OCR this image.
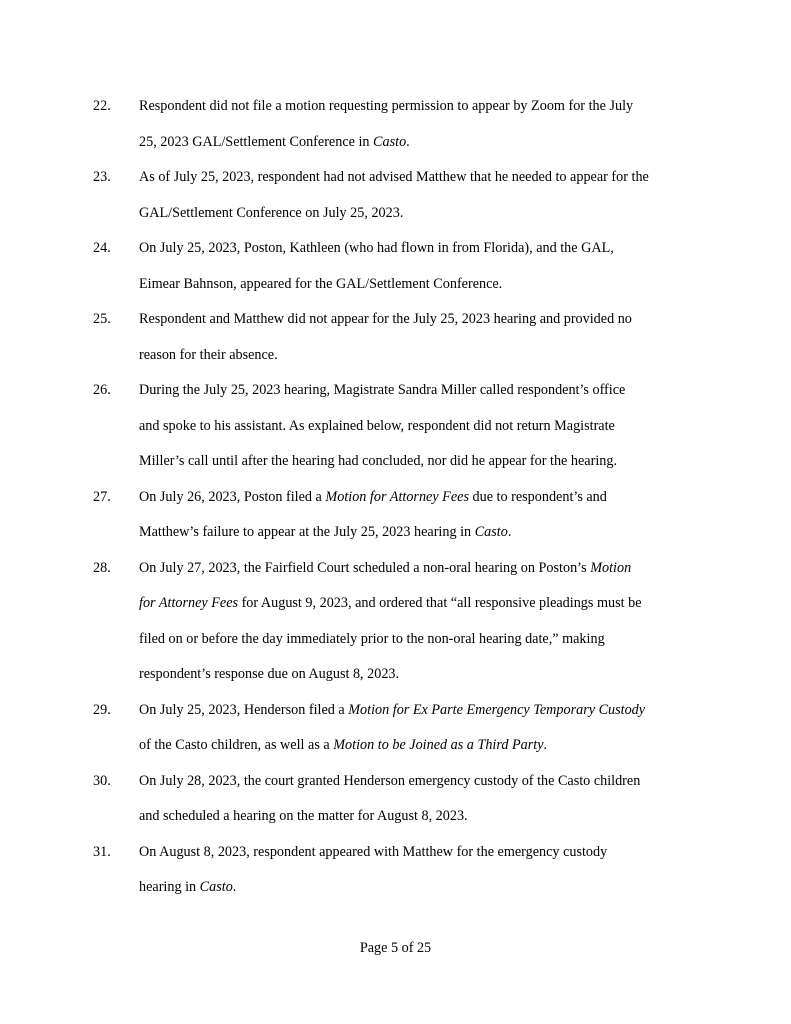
22. Respondent did not file a motion requesting permission to appear by Zoom for the July
25, 2023 GAL/Settlement Conference in Casto.
23. As of July 25, 2023, respondent had not advised Matthew that he needed to appear for the
GAL/Settlement Conference on July 25, 2023.
24. On July 25, 2023, Poston, Kathleen (who had flown in from Florida), and the GAL,
Eimear Bahnson, appeared for the GAL/Settlement Conference.
25. Respondent and Matthew did not appear for the July 25, 2023 hearing and provided no
reason for their absence.
26. During the July 25, 2023 hearing, Magistrate Sandra Miller called respondent’s office
and spoke to his assistant. As explained below, respondent did not return Magistrate
Miller’s call until after the hearing had concluded, nor did he appear for the hearing.
27. On July 26, 2023, Poston filed a Motion for Attorney Fees due to respondent’s and
Matthew’s failure to appear at the July 25, 2023 hearing in Casto.
28. On July 27, 2023, the Fairfield Court scheduled a non-oral hearing on Poston’s Motion
for Attorney Fees for August 9, 2023, and ordered that “all responsive pleadings must be
filed on or before the day immediately prior to the non-oral hearing date,” making
respondent’s response due on August 8, 2023.
29. On July 25, 2023, Henderson filed a Motion for Ex Parte Emergency Temporary Custody
of the Casto children, as well as a Motion to be Joined as a Third Party.
30. On July 28, 2023, the court granted Henderson emergency custody of the Casto children
and scheduled a hearing on the matter for August 8, 2023.
31. On August 8, 2023, respondent appeared with Matthew for the emergency custody
hearing in Casto.
Page 5 of 25
